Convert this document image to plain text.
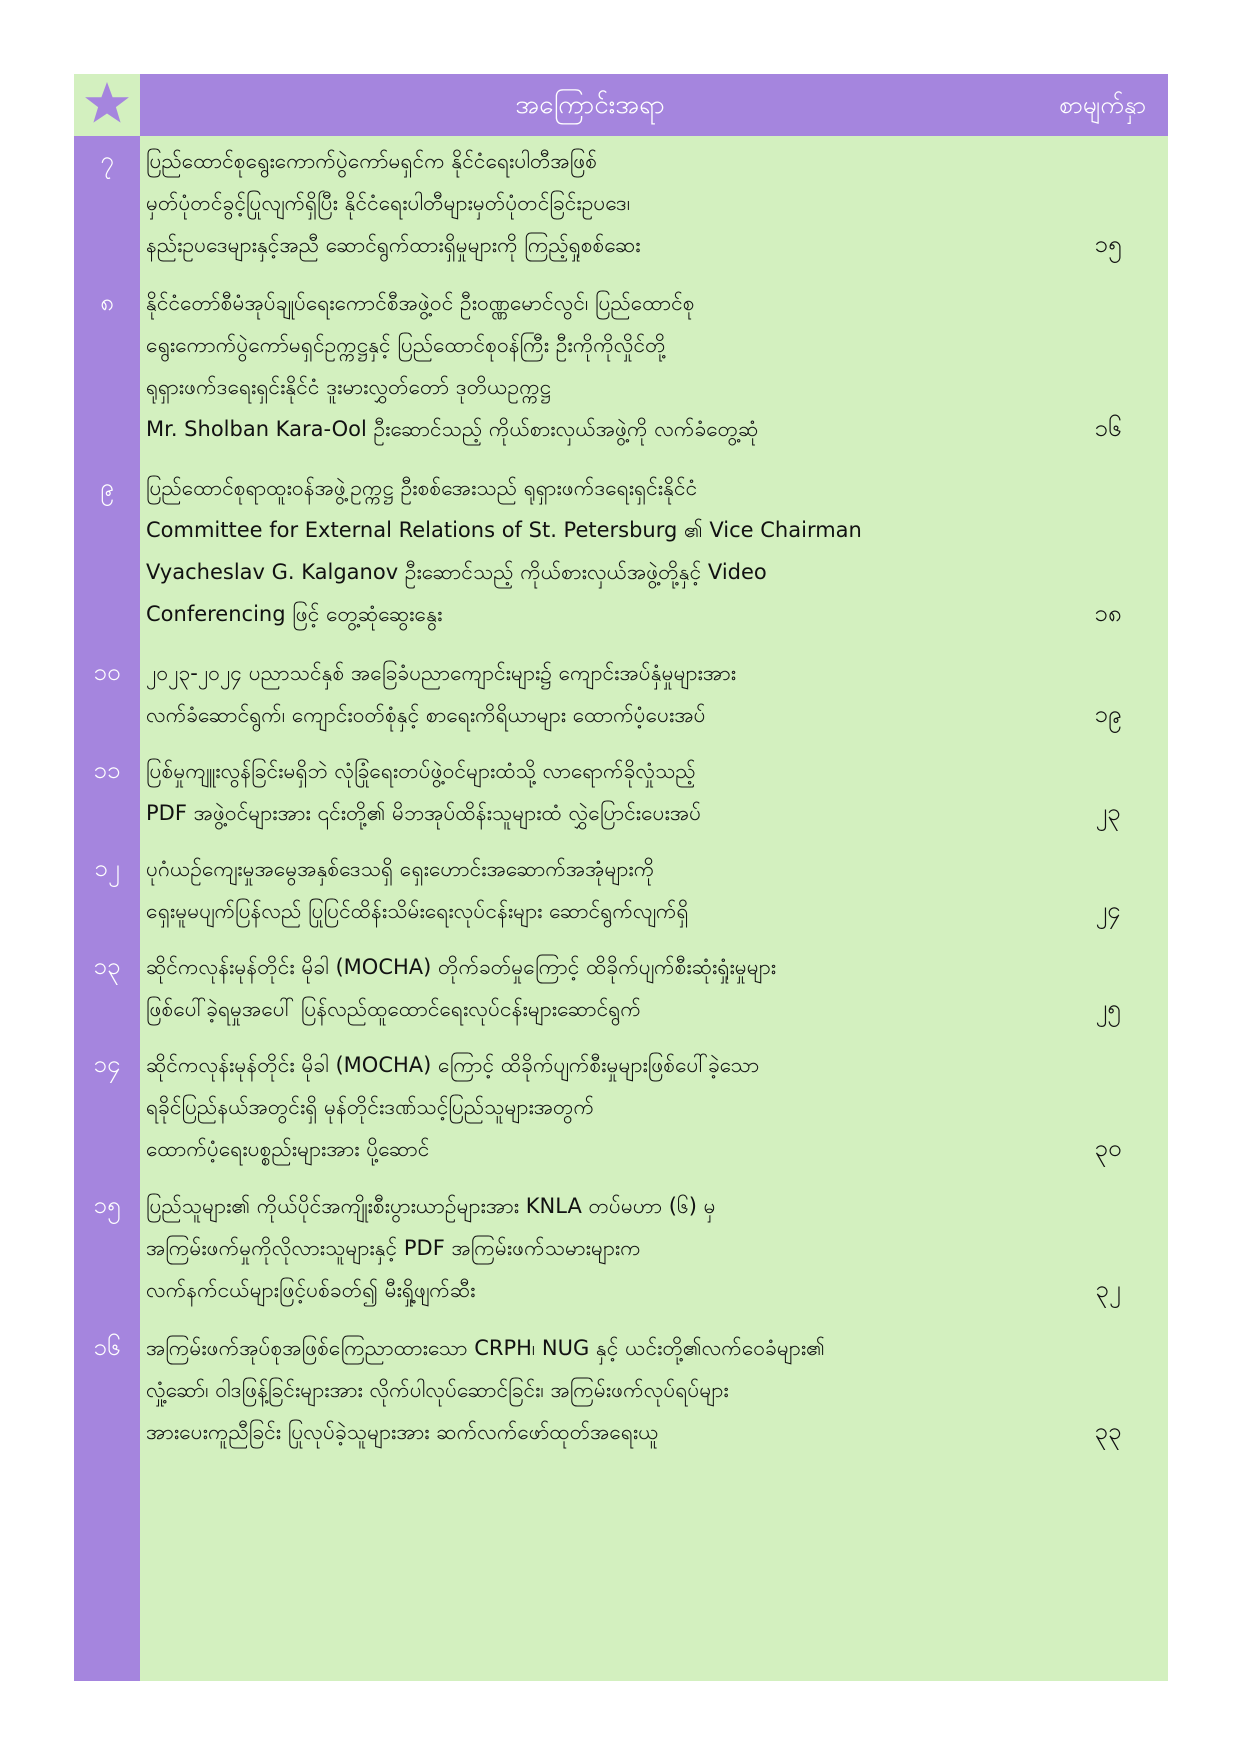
အကြောင်းအရာ	စာမျက်နှာ
၇	ပြည်ထောင်စုရွေးကောက်ပွဲကော်မရှင်က နိုင်ငံရေးပါတီအဖြစ်
မှတ်ပုံတင်ခွင့်ပြုလျက်ရှိပြီး နိုင်ငံရေးပါတီများမှတ်ပုံတင်ခြင်းဥပဒေ၊
နည်းဥပဒေများနှင့်အညီ ဆောင်ရွက်ထားရှိမှုများကို ကြည့်ရှုစစ်ဆေး	၁၅
၈	နိုင်ငံတော်စီမံအုပ်ချုပ်ရေးကောင်စီအဖွဲ့ဝင် ဦးဝဏ္ဏမောင်လွင်၊ ပြည်ထောင်စု
ရွေးကောက်ပွဲကော်မရှင်ဥက္ကဋ္ဌနှင့် ပြည်ထောင်စုဝန်ကြီး ဦးကိုကိုလှိုင်တို့
ရုရှားဖက်ဒရေးရှင်းနိုင်ငံ ဒူးမားလွှတ်တော် ဒုတိယဥက္ကဋ္ဌ
Mr. Sholban Kara-Ool ဦးဆောင်သည့် ကိုယ်စားလှယ်အဖွဲ့ကို လက်ခံတွေ့ဆုံ	၁၆
၉	ပြည်ထောင်စုရာထူးဝန်အဖွဲ့ဥက္ကဋ္ဌ ဦးစစ်အေးသည် ရုရှားဖက်ဒရေးရှင်းနိုင်ငံ
Committee for External Relations of St. Petersburg ၏ Vice Chairman
Vyacheslav G. Kalganov ဦးဆောင်သည့် ကိုယ်စားလှယ်အဖွဲ့တို့နှင့် Video
Conferencing ဖြင့် တွေ့ဆုံဆွေးနွေး	၁၈
၁၀	၂၀၂၃-၂၀၂၄ ပညာသင်နှစ် အခြေခံပညာကျောင်းများ၌ ကျောင်းအပ်နှံမှုများအား
လက်ခံဆောင်ရွက်၊ ကျောင်းဝတ်စုံနှင့် စာရေးကိရိယာများ ထောက်ပံ့ပေးအပ်	၁၉
၁၁	ပြစ်မှုကျူးလွန်ခြင်းမရှိဘဲ လုံခြုံရေးတပ်ဖွဲ့ဝင်များထံသို့ လာရောက်ခိုလှုံသည့်
PDF အဖွဲ့ဝင်များအား ၎င်းတို့၏ မိဘအုပ်ထိန်းသူများထံ လွှဲပြောင်းပေးအပ်	၂၃
၁၂	ပုဂံယဉ်ကျေးမှုအမွေအနှစ်ဒေသရှိ ရှေးဟောင်းအဆောက်အအုံများကို
ရှေးမူမပျက်ပြန်လည် ပြုပြင်ထိန်းသိမ်းရေးလုပ်ငန်းများ ဆောင်ရွက်လျက်ရှိ	၂၄
၁၃	ဆိုင်ကလုန်းမုန်တိုင်း မိုခါ (MOCHA) တိုက်ခတ်မှုကြောင့် ထိခိုက်ပျက်စီးဆုံးရှုံးမှုများ
ဖြစ်ပေါ်ခဲ့ရမှုအပေါ် ပြန်လည်ထူထောင်ရေးလုပ်ငန်းများဆောင်ရွက်	၂၅
၁၄	ဆိုင်ကလုန်းမုန်တိုင်း မိုခါ (MOCHA) ကြောင့် ထိခိုက်ပျက်စီးမှုများဖြစ်ပေါ်ခဲ့သော
ရခိုင်ပြည်နယ်အတွင်းရှိ မုန်တိုင်းဒဏ်သင့်ပြည်သူများအတွက်
ထောက်ပံ့ရေးပစ္စည်းများအား ပို့ဆောင်	၃၀
၁၅	ပြည်သူများ၏ ကိုယ်ပိုင်အကျိုးစီးပွားယာဉ်များအား KNLA တပ်မဟာ (၆) မှ
အကြမ်းဖက်မှုကိုလိုလားသူများနှင့် PDF အကြမ်းဖက်သမားများက
လက်နက်ငယ်များဖြင့်ပစ်ခတ်၍ မီးရှို့ဖျက်ဆီး	၃၂
၁၆	အကြမ်းဖက်အုပ်စုအဖြစ်ကြေညာထားသော CRPH၊ NUG နှင့် ယင်းတို့၏လက်ဝေခံများ၏
လှုံ့ဆော်၊ ဝါဒဖြန့်ခြင်းများအား လိုက်ပါလုပ်ဆောင်ခြင်း၊ အကြမ်းဖက်လုပ်ရပ်များ
အားပေးကူညီခြင်း ပြုလုပ်ခဲ့သူများအား ဆက်လက်ဖော်ထုတ်အရေးယူ	၃၃
